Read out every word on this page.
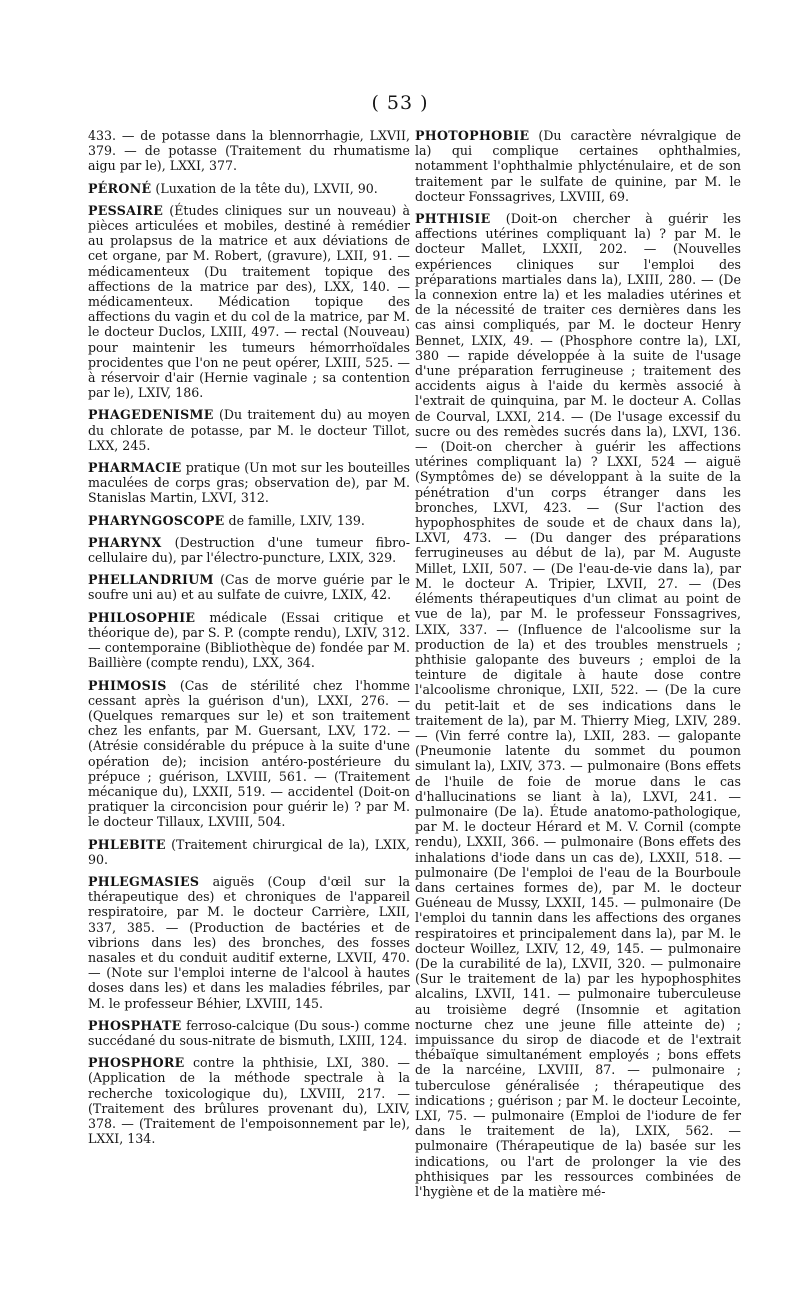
( 53 )

433. — de potasse dans la blennorrhagie, LXVII, 379. — de potasse (Traitement du rhumatisme aigu par le), LXXI, 377.

PÉRONÉ (Luxation de la tête du), LXVII, 90.

PESSAIRE (Études cliniques sur un nouveau) à pièces articulées et mobiles, destiné à remédier au prolapsus de la matrice et aux déviations de cet organe, par M. Robert, (gravure), LXII, 91. — médicamenteux (Du traitement topique des affections de la matrice par des), LXX, 140. — médicamenteux. Médication topique des affections du vagin et du col de la matrice, par M. le docteur Duclos, LXIII, 497. — rectal (Nouveau) pour maintenir les tumeurs hémorrhoïdales procidentes que l'on ne peut opérer, LXIII, 525. — à réservoir d'air (Hernie vaginale ; sa contention par le), LXIV, 186.

PHAGEDENISME (Du traitement du) au moyen du chlorate de potasse, par M. le docteur Tillot, LXX, 245.

PHARMACIE pratique (Un mot sur les bouteilles maculées de corps gras; observation de), par M. Stanislas Martin, LXVI, 312.

PHARYNGOSCOPE de famille, LXIV, 139.

PHARYNX (Destruction d'une tumeur fibro-cellulaire du), par l'électro-puncture, LXIX, 329.

PHELLANDRIUM (Cas de morve guérie par le soufre uni au) et au sulfate de cuivre, LXIX, 42.

PHILOSOPHIE médicale (Essai critique et théorique de), par S. P. (compte rendu), LXIV, 312. — contemporaine (Bibliothèque de) fondée par M. Baillière (compte rendu), LXX, 364.

PHIMOSIS (Cas de stérilité chez l'homme cessant après la guérison d'un), LXXI, 276. — (Quelques remarques sur le) et son traitement chez les enfants, par M. Guersant, LXV, 172. — (Atrésie considérable du prépuce à la suite d'une opération de); incision antéro-postérieure du prépuce ; guérison, LXVIII, 561. — (Traitement mécanique du), LXXII, 519. — accidentel (Doit-on pratiquer la circoncision pour guérir le) ? par M. le docteur Tillaux, LXVIII, 504.

PHLEBITE (Traitement chirurgical de la), LXIX, 90.

PHLEGMASIES aiguës (Coup d'œil sur la thérapeutique des) et chroniques de l'appareil respiratoire, par M. le docteur Carrière, LXII, 337, 385. — (Production de bactéries et de vibrions dans les) des bronches, des fosses nasales et du conduit auditif externe, LXVII, 470. — (Note sur l'emploi interne de l'alcool à hautes doses dans les) et dans les maladies fébriles, par M. le professeur Béhier, LXVIII, 145.

PHOSPHATE ferroso-calcique (Du sous-) comme succédané du sous-nitrate de bismuth, LXIII, 124.

PHOSPHORE contre la phthisie, LXI, 380. — (Application de la méthode spectrale à la recherche toxicologique du), LXVIII, 217. — (Traitement des brûlures provenant du), LXIV, 378. — (Traitement de l'empoisonnement par le), LXXI, 134.

PHOTOPHOBIE (Du caractère névralgique de la) qui complique certaines ophthalmies, notamment l'ophthalmie phlycténulaire, et de son traitement par le sulfate de quinine, par M. le docteur Fonssagrives, LXVIII, 69.

PHTHISIE (Doit-on chercher à guérir les affections utérines compliquant la) ? par M. le docteur Mallet, LXXII, 202. — (Nouvelles expériences cliniques sur l'emploi des préparations martiales dans la), LXIII, 280. — (De la connexion entre la) et les maladies utérines et de la nécessité de traiter ces dernières dans les cas ainsi compliqués, par M. le docteur Henry Bennet, LXIX, 49. — (Phosphore contre la), LXI, 380 — rapide développée à la suite de l'usage d'une préparation ferrugineuse ; traitement des accidents aigus à l'aide du kermès associé à l'extrait de quinquina, par M. le docteur A. Collas de Courval, LXXI, 214. — (De l'usage excessif du sucre ou des remèdes sucrés dans la), LXVI, 136. — (Doit-on chercher à guérir les affections utérines compliquant la) ? LXXI, 524 — aiguë (Symptômes de) se développant à la suite de la pénétration d'un corps étranger dans les bronches, LXVI, 423. — (Sur l'action des hypophosphites de soude et de chaux dans la), LXVI, 473. — (Du danger des préparations ferrugineuses au début de la), par M. Auguste Millet, LXII, 507. — (De l'eau-de-vie dans la), par M. le docteur A. Tripier, LXVII, 27. — (Des éléments thérapeutiques d'un climat au point de vue de la), par M. le professeur Fonssagrives, LXIX, 337. — (Influence de l'alcoolisme sur la production de la) et des troubles menstruels ; phthisie galopante des buveurs ; emploi de la teinture de digitale à haute dose contre l'alcoolisme chronique, LXII, 522. — (De la cure du petit-lait et de ses indications dans le traitement de la), par M. Thierry Mieg, LXIV, 289. — (Vin ferré contre la), LXII, 283. — galopante (Pneumonie latente du sommet du poumon simulant la), LXIV, 373. — pulmonaire (Bons effets de l'huile de foie de morue dans le cas d'hallucinations se liant à la), LXVI, 241. — pulmonaire (De la). Étude anatomo-pathologique, par M. le docteur Hérard et M. V. Cornil (compte rendu), LXXII, 366. — pulmonaire (Bons effets des inhalations d'iode dans un cas de), LXXII, 518. — pulmonaire (De l'emploi de l'eau de la Bourboule dans certaines formes de), par M. le docteur Guéneau de Mussy, LXXII, 145. — pulmonaire (De l'emploi du tannin dans les affections des organes respiratoires et principalement dans la), par M. le docteur Woillez, LXIV, 12, 49, 145. — pulmonaire (De la curabilité de la), LXVII, 320. — pulmonaire (Sur le traitement de la) par les hypophosphites alcalins, LXVII, 141. — pulmonaire tuberculeuse au troisième degré (Insomnie et agitation nocturne chez une jeune fille atteinte de) ; impuissance du sirop de diacode et de l'extrait thébaïque simultanément employés ; bons effets de la narcéine, LXVIII, 87. — pulmonaire ; tuberculose généralisée ; thérapeutique des indications ; guérison ; par M. le docteur Lecointe, LXI, 75. — pulmonaire (Emploi de l'iodure de fer dans le traitement de la), LXIX, 562. — pulmonaire (Thérapeutique de la) basée sur les indications, ou l'art de prolonger la vie des phthisiques par les ressources combinées de l'hygiène et de la matière mé-
